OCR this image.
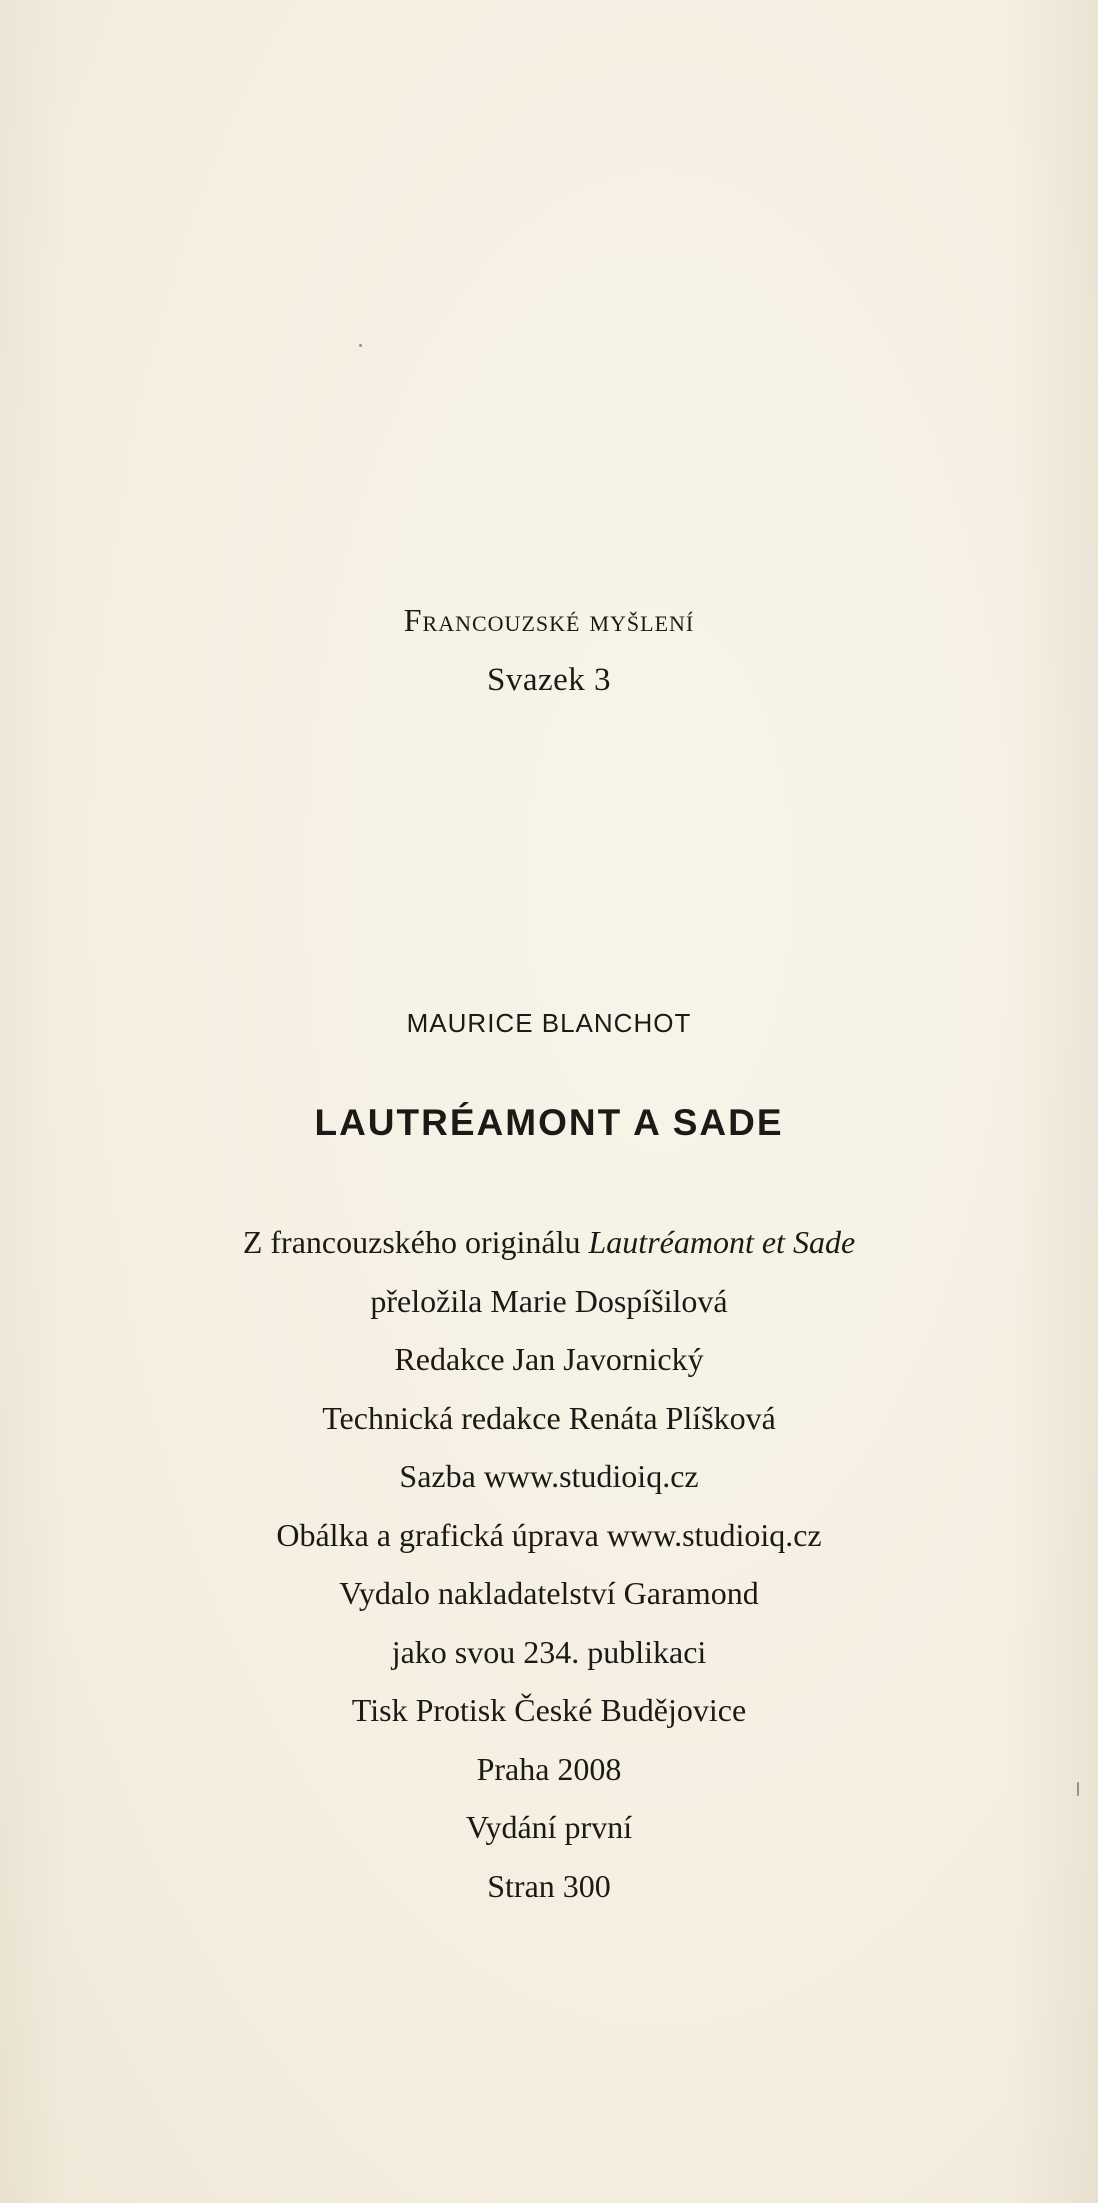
Francouzské myšlení
Svazek 3
MAURICE BLANCHOT
LAUTRÉAMONT A SADE
Z francouzského originálu Lautréamont et Sade
přeložila Marie Dospíšilová
Redakce Jan Javornický
Technická redakce Renáta Plíšková
Sazba www.studioiq.cz
Obálka a grafická úprava www.studioiq.cz
Vydalo nakladatelství Garamond
jako svou 234. publikaci
Tisk Protisk České Budějovice
Praha 2008
Vydání první
Stran 300
